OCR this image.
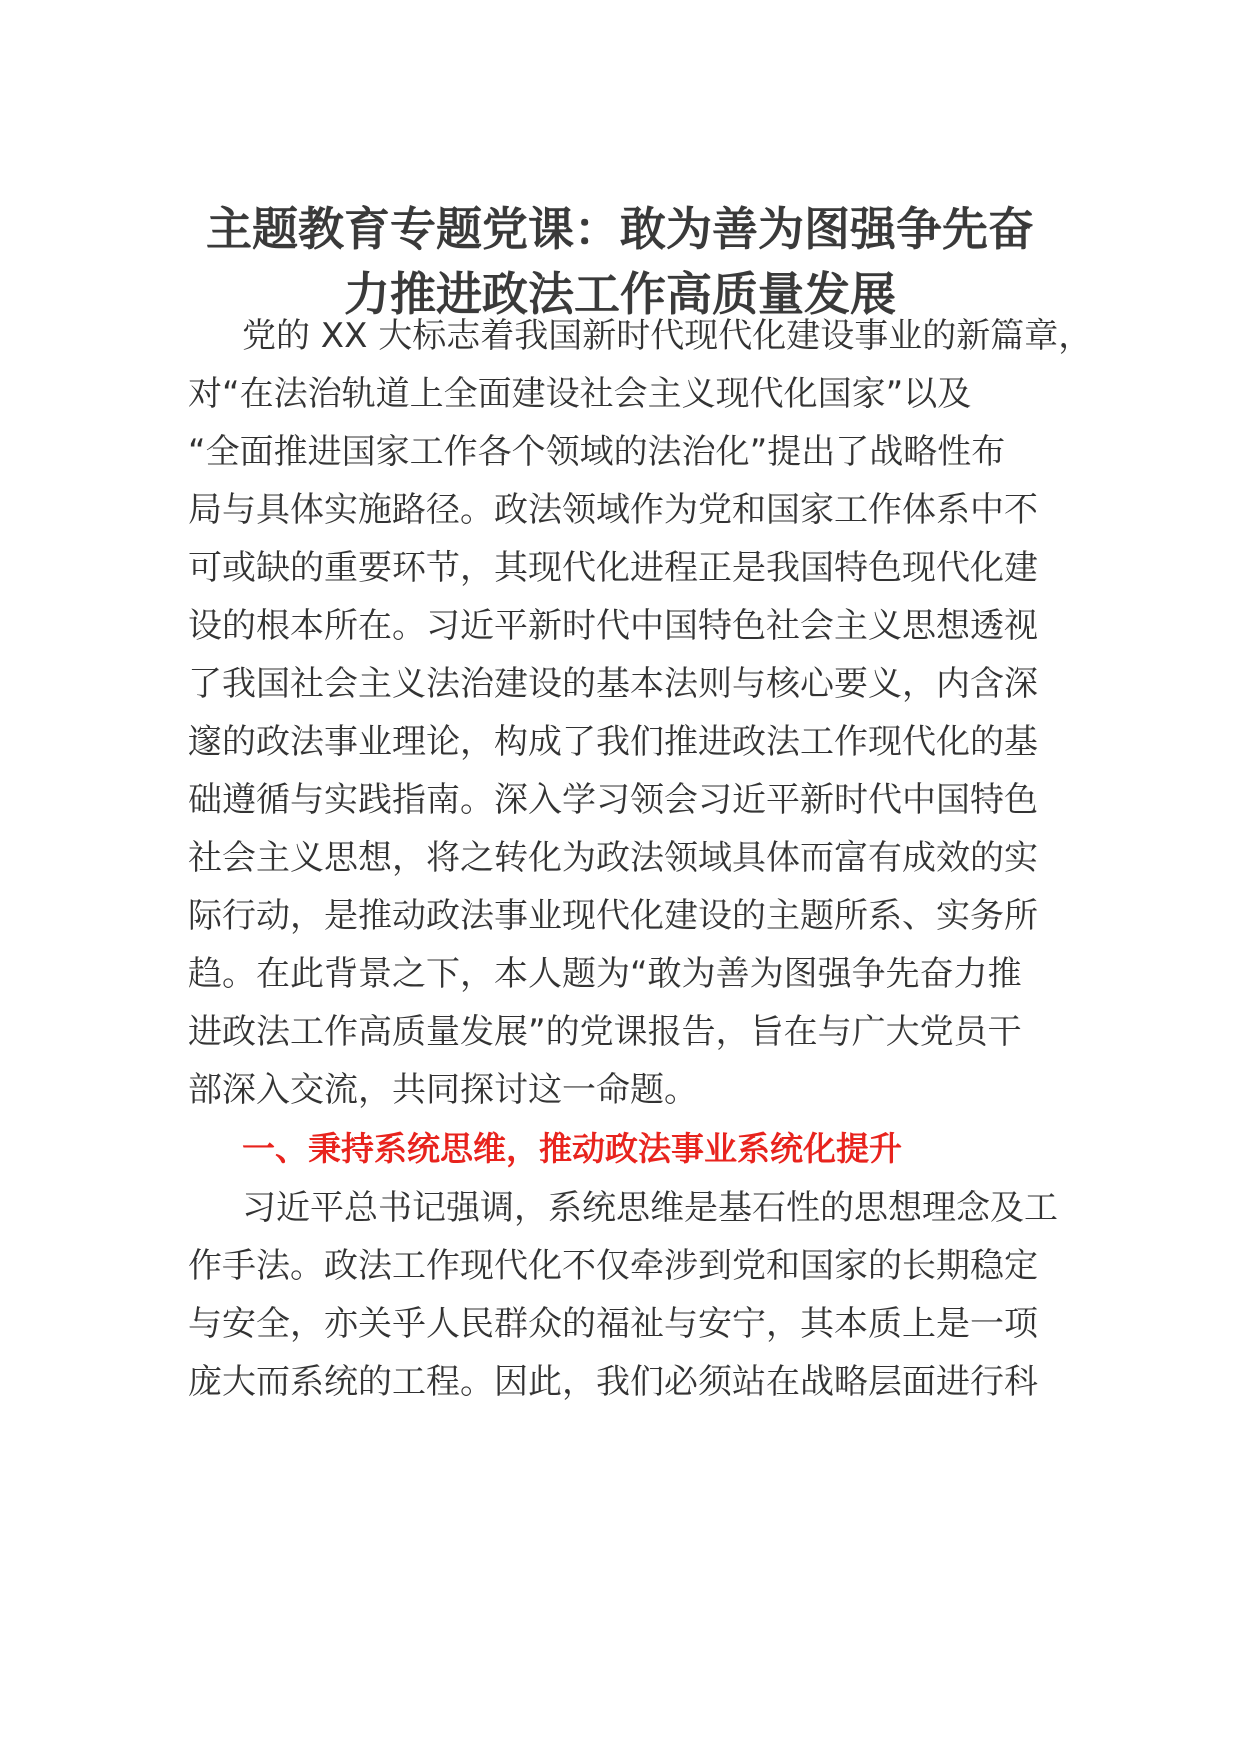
主题教育专题党课：敢为善为图强争先奋
力推进政法工作高质量发展

党的 XX 大标志着我国新时代现代化建设事业的新篇章，

对“在法治轨道上全面建设社会主义现代化国家”以及

“全面推进国家工作各个领域的法治化”提出了战略性布

局与具体实施路径。政法领域作为党和国家工作体系中不

可或缺的重要环节，其现代化进程正是我国特色现代化建

设的根本所在。习近平新时代中国特色社会主义思想透视

了我国社会主义法治建设的基本法则与核心要义，内含深

邃的政法事业理论，构成了我们推进政法工作现代化的基

础遵循与实践指南。深入学习领会习近平新时代中国特色

社会主义思想，将之转化为政法领域具体而富有成效的实

际行动，是推动政法事业现代化建设的主题所系、实务所

趋。在此背景之下，本人题为“敢为善为图强争先奋力推

进政法工作高质量发展”的党课报告，旨在与广大党员干

部深入交流，共同探讨这一命题。

一、秉持系统思维，推动政法事业系统化提升

习近平总书记强调，系统思维是基石性的思想理念及工

作手法。政法工作现代化不仅牵涉到党和国家的长期稳定

与安全，亦关乎人民群众的福祉与安宁，其本质上是一项

庞大而系统的工程。因此，我们必须站在战略层面进行科
